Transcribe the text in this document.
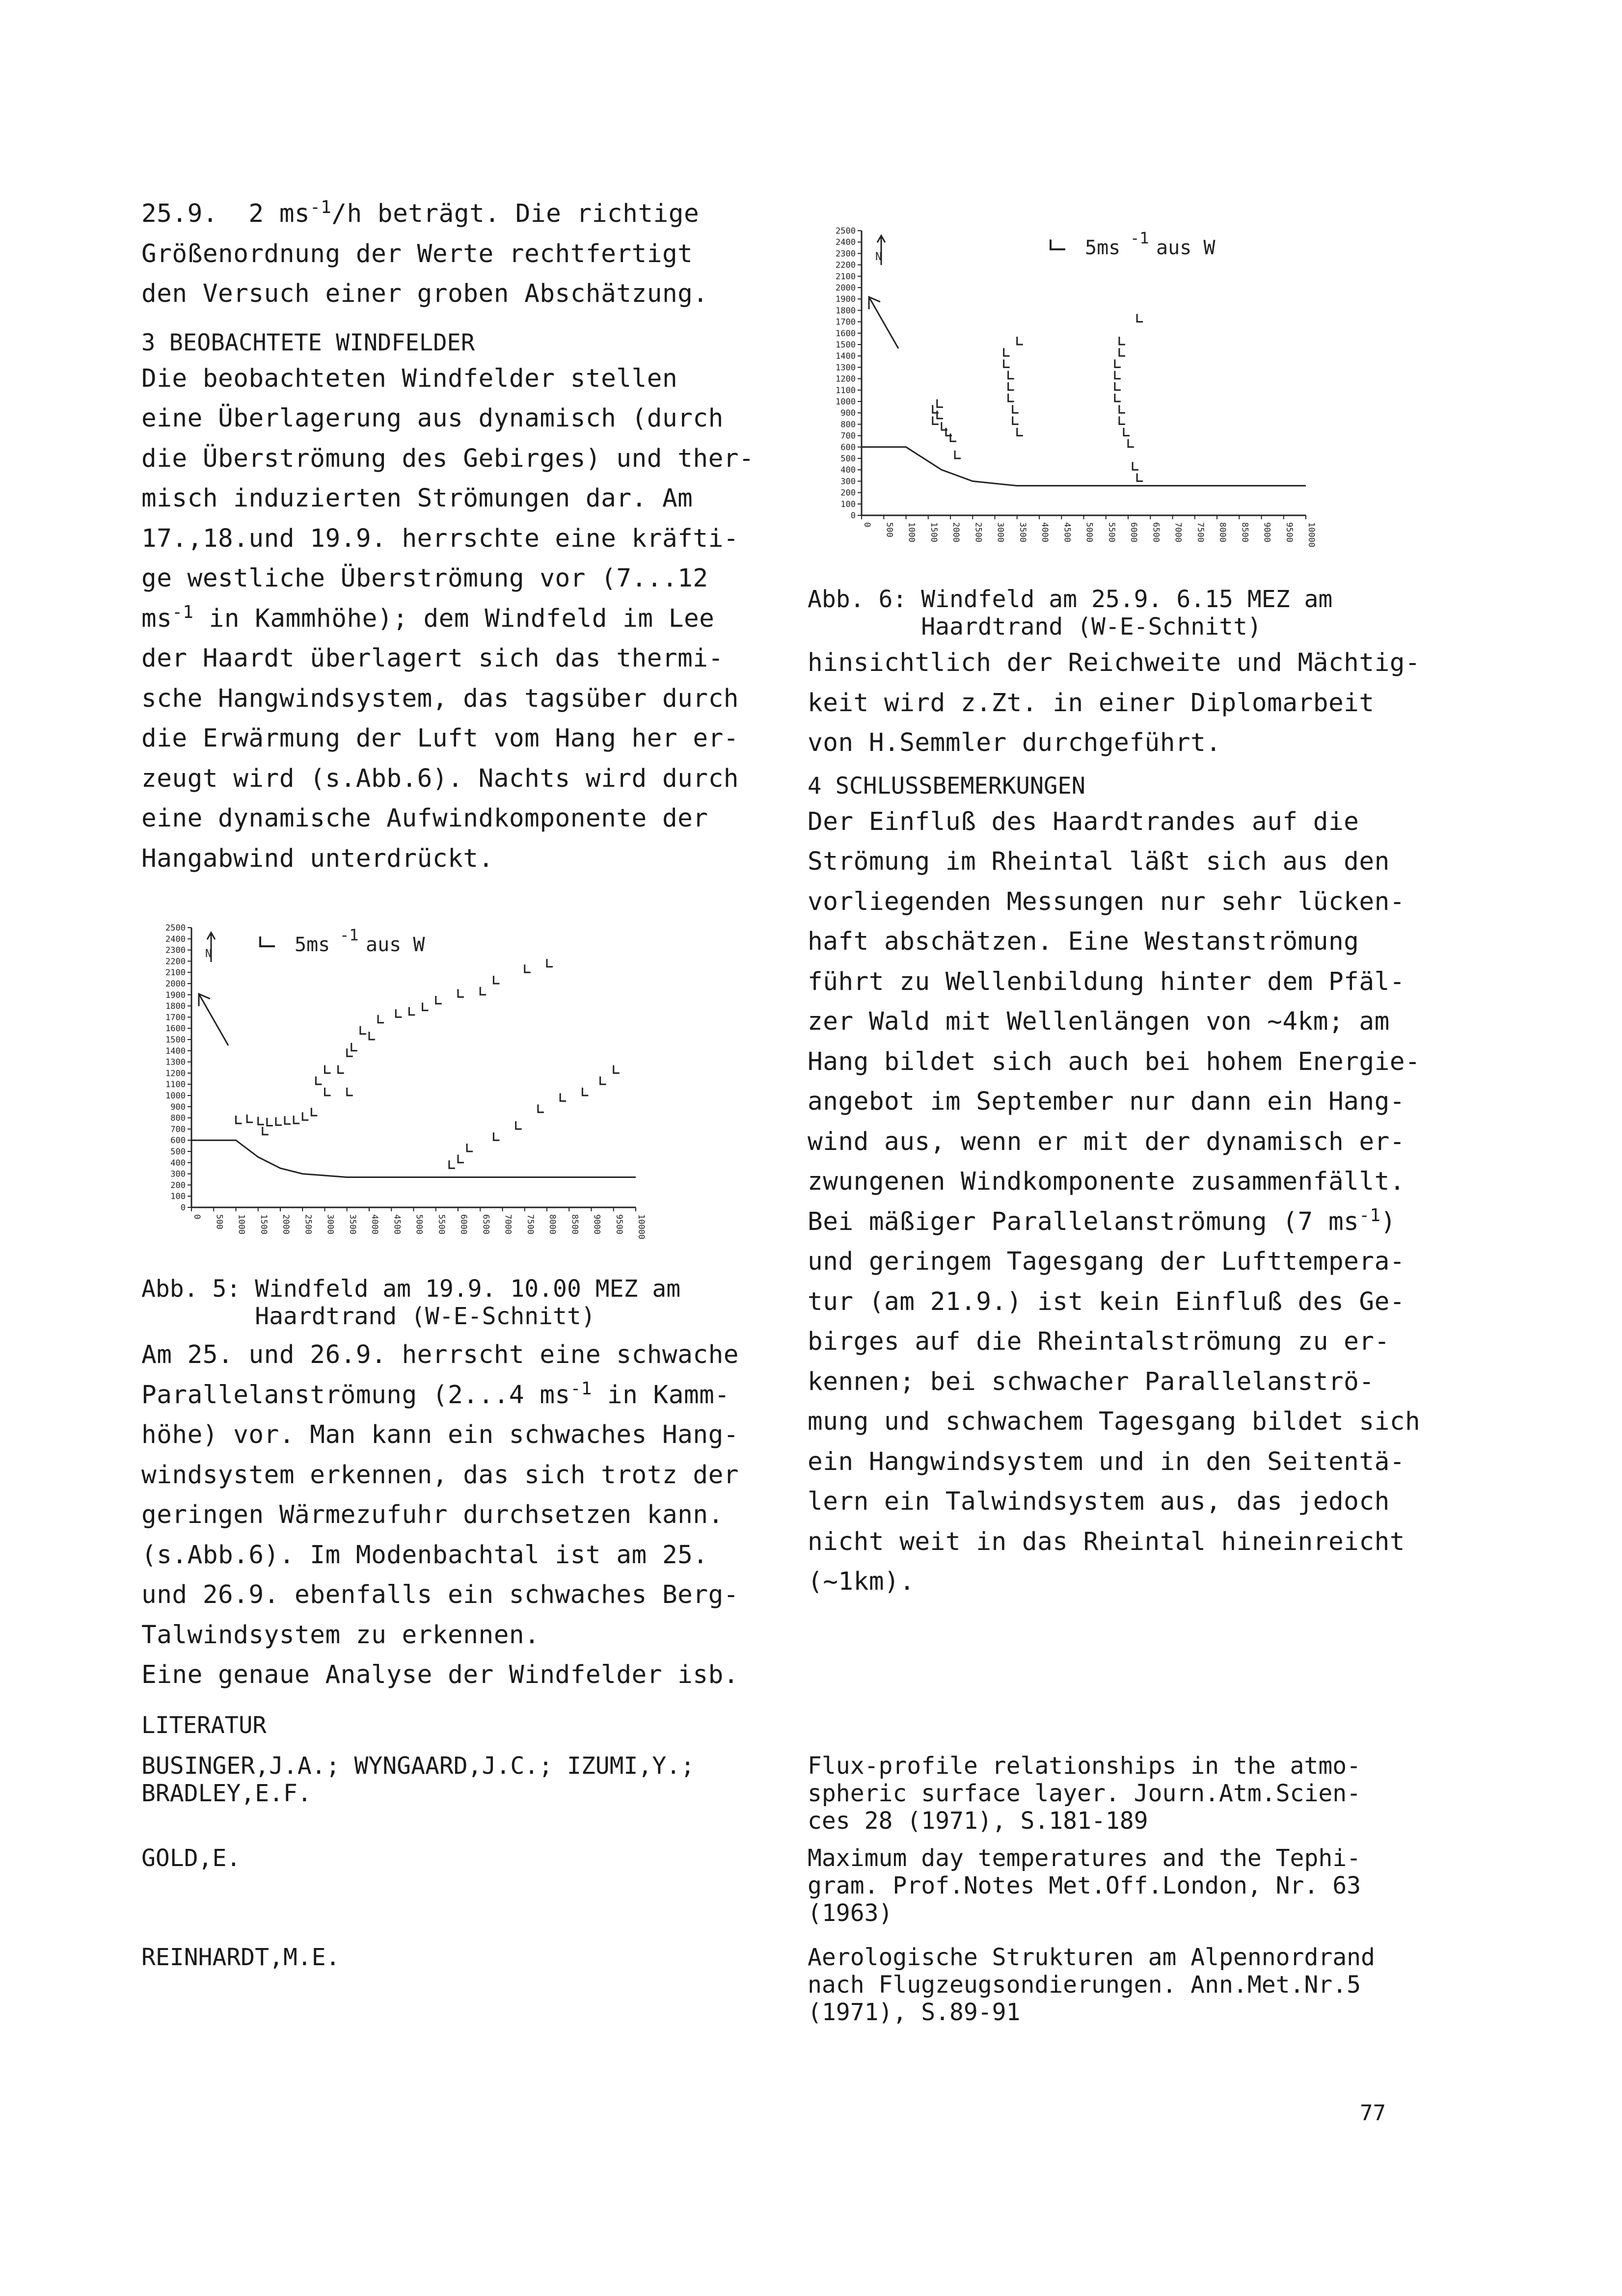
25.9.  2 $ms^{-1}/h$ beträgt. Die richtige

Größenordnung der Werte rechtfertigt

den Versuch einer groben Abschätzung.

3 BEOBACHTETE WINDFELDER

Die beobachteten Windfelder stellen

eine Überlagerung aus dynamisch (durch

die Überströmung des Gebirges) und ther-

misch induzierten Strömungen dar. Am

17.,18.und 19.9. herrschte eine kräfti-

ge westliche Überströmung vor (7...12

$ms^{-1}$ in Kammhöhe); dem Windfeld im Lee

der Haardt überlagert sich das thermi-

sche Hangwindsystem, das tagsüber durch

die Erwärmung der Luft vom Hang her er-

zeugt wird (s.Abb.6). Nachts wird durch

eine dynamische Aufwindkomponente der

Hangabwind unterdrückt.

2500
2400
2300
2200
2100
2000
1900
1800
1700
1600
1500
1400
1300
1200
1100
1000
900
800
700
600
500
400
300
200
100
0
0 500 1000 1500 2000 2500 3000 3500 4000 4500 5000 5500 6000 6500 7000 7500 8000 8500 9000 9500 10000
N	5ms -1 aus W

Abb. 5: Windfeld am 19.9. 10.00 MEZ am

Haardtrand (W-E-Schnitt)

Am 25. und 26.9. herrscht eine schwache

Parallelanströmung (2...4 $ms^{-1}$ in Kamm-

höhe) vor. Man kann ein schwaches Hang-

windsystem erkennen, das sich trotz der

geringen Wärmezufuhr durchsetzen kann.

(s.Abb.6). Im Modenbachtal ist am 25.

und 26.9. ebenfalls ein schwaches Berg-

Talwindsystem zu erkennen.

Eine genaue Analyse der Windfelder isb.

LITERATUR

BUSINGER,J.A.; WYNGAARD,J.C.; IZUMI,Y.;

BRADLEY,E.F.

GOLD,E.

REINHARDT,M.E.

2500
2400
2300
2200
2100
2000
1900
1800
1700
1600
1500
1400
1300
1200
1100
1000
900
800
700
600
500
400
300
200
100
0
0 500 1000 1500 2000 2500 3000 3500 4000 4500 5000 5500 6000 6500 7000 7500 8000 8500 9000 9500 10000
N	5ms -1 aus W

Abb. 6: Windfeld am 25.9. 6.15 MEZ am

Haardtrand (W-E-Schnitt)

hinsichtlich der Reichweite und Mächtig-

keit wird z.Zt. in einer Diplomarbeit

von H.Semmler durchgeführt.

4 SCHLUSSBEMERKUNGEN

Der Einfluß des Haardtrandes auf die

Strömung im Rheintal läßt sich aus den

vorliegenden Messungen nur sehr lücken-

haft abschätzen. Eine Westanströmung

führt zu Wellenbildung hinter dem Pfäl-

zer Wald mit Wellenlängen von ~4km; am

Hang bildet sich auch bei hohem Energie-

angebot im September nur dann ein Hang-

wind aus, wenn er mit der dynamisch er-

zwungenen Windkomponente zusammenfällt.

Bei mäßiger Parallelanströmung (7 $ms^{-1}$)

und geringem Tagesgang der Lufttempera-

tur (am 21.9.) ist kein Einfluß des Ge-

birges auf die Rheintalströmung zu er-

kennen; bei schwacher Parallelanströ-

mung und schwachem Tagesgang bildet sich

ein Hangwindsystem und in den Seitentä-

lern ein Talwindsystem aus, das jedoch

nicht weit in das Rheintal hineinreicht

(~1km).

Flux-profile relationships in the atmo-

spheric surface layer. Journ.Atm.Scien-

ces 28 (1971), S.181-189

Maximum day temperatures and the Tephi-

gram. Prof.Notes Met.Off.London, Nr. 63

(1963)

Aerologische Strukturen am Alpennordrand

nach Flugzeugsondierungen. Ann.Met.Nr.5

(1971), S.89-91

77
